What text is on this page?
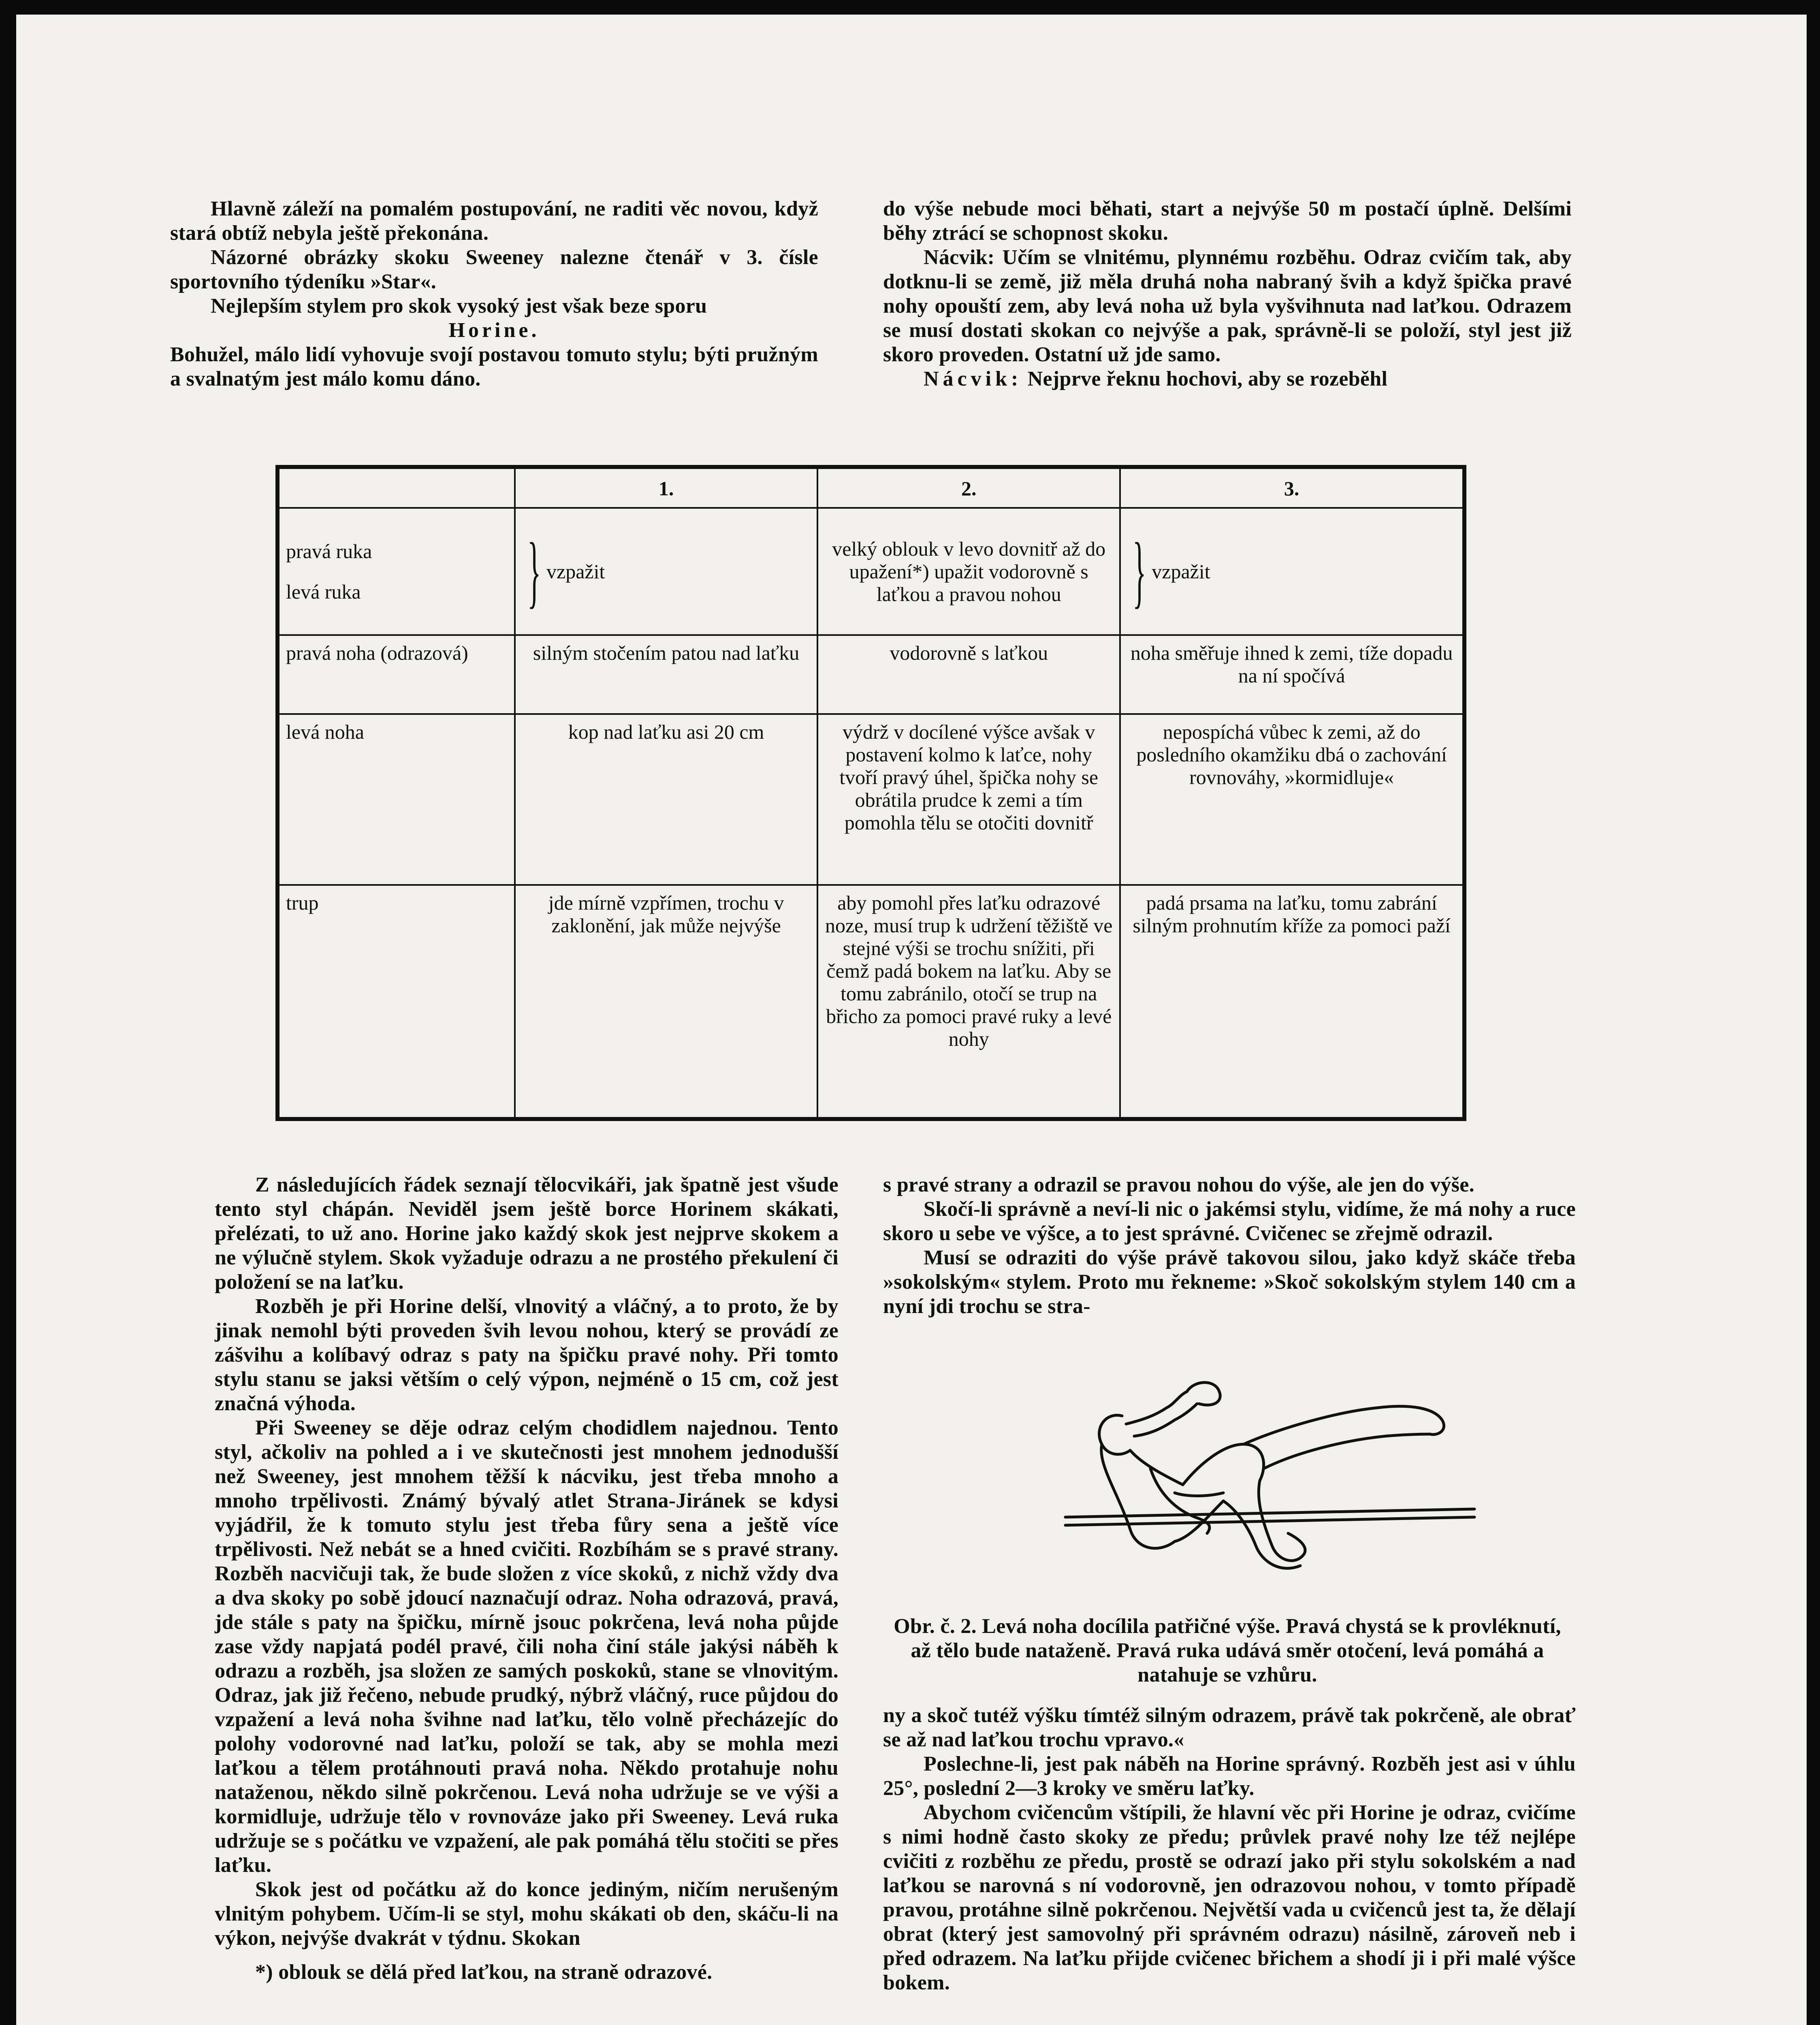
Hlavně záleží na pomalém postupování, ne raditi věc novou, když stará obtíž nebyla ještě překonána.

Názorné obrázky skoku Sweeney nalezne čtenář v 3. čísle sportovního týdeníku »Star«.

Nejlepším stylem pro skok vysoký jest však beze sporu

Horine.

Bohužel, málo lidí vyhovuje svojí postavou tomuto stylu; býti pružným a svalnatým jest málo komu dáno.

do výše nebude moci běhati, start a nejvýše 50 m postačí úplně. Delšími běhy ztrácí se schopnost skoku.

Nácvik: Učím se vlnitému, plynnému rozběhu. Odraz cvičím tak, aby dotknu-li se země, již měla druhá noha nabraný švih a když špička pravé nohy opouští zem, aby levá noha už byla vyšvihnuta nad laťkou. Odrazem se musí dostati skokan co nejvýše a pak, správně-li se položí, styl jest již skoro proveden. Ostatní už jde samo.

Nácvik: Nejprve řeknu hochovi, aby se rozeběhl

	1.	2.	3.

pravá ruka
levá ruka	} vzpažit	velký oblouk v levo dovnitř až do upažení*) upažit vodorovně s laťkou a pravou nohou	} vzpažit

pravá noha (odrazová)	silným stočením patou nad laťku	vodorovně s laťkou	noha směřuje ihned k zemi, tíže dopadu na ní spočívá
levá noha	kop nad laťku asi 20 cm	výdrž v docílené výšce avšak v postavení kolmo k laťce, nohy tvoří pravý úhel, špička nohy se obrátila prudce k zemi a tím pomohla tělu se otočiti dovnitř	nepospíchá vůbec k zemi, až do posledního okamžiku dbá o zachování rovnováhy, »kormidluje«
trup	jde mírně vzpřímen, trochu v zaklonění, jak může nejvýše	aby pomohl přes laťku odrazové noze, musí trup k udržení těžiště ve stejné výši se trochu snížiti, při čemž padá bokem na laťku. Aby se tomu zabránilo, otočí se trup na břicho za pomoci pravé ruky a levé nohy	padá prsama na laťku, tomu zabrání silným prohnutím kříže za pomoci paží

Z následujících řádek seznají tělocvikáři, jak špatně jest všude tento styl chápán. Neviděl jsem ještě borce Horinem skákati, přelézati, to už ano. Horine jako každý skok jest nejprve skokem a ne výlučně stylem. Skok vyžaduje odrazu a ne prostého překulení či položení se na laťku.

Rozběh je při Horine delší, vlnovitý a vláčný, a to proto, že by jinak nemohl býti proveden švih levou nohou, který se provádí ze zášvihu a kolíbavý odraz s paty na špičku pravé nohy. Při tomto stylu stanu se jaksi větším o celý výpon, nejméně o 15 cm, což jest značná výhoda.

Při Sweeney se děje odraz celým chodidlem najednou. Tento styl, ačkoliv na pohled a i ve skutečnosti jest mnohem jednodušší než Sweeney, jest mnohem těžší k nácviku, jest třeba mnoho a mnoho trpělivosti. Známý bývalý atlet Strana-Jiránek se kdysi vyjádřil, že k tomuto stylu jest třeba fůry sena a ještě více trpělivosti. Než nebát se a hned cvičiti. Rozbíhám se s pravé strany. Rozběh nacvičuji tak, že bude složen z více skoků, z nichž vždy dva a dva skoky po sobě jdoucí naznačují odraz. Noha odrazová, pravá, jde stále s paty na špičku, mírně jsouc pokrčena, levá noha půjde zase vždy napjatá podél pravé, čili noha činí stále jakýsi náběh k odrazu a rozběh, jsa složen ze samých poskoků, stane se vlnovitým. Odraz, jak již řečeno, nebude prudký, nýbrž vláčný, ruce půjdou do vzpažení a levá noha švihne nad laťku, tělo volně přecházejíc do polohy vodorovné nad laťku, položí se tak, aby se mohla mezi laťkou a tělem protáhnouti pravá noha. Někdo protahuje nohu nataženou, někdo silně pokrčenou. Levá noha udržuje se ve výši a kormidluje, udržuje tělo v rovnováze jako při Sweeney. Levá ruka udržuje se s počátku ve vzpažení, ale pak pomáhá tělu stočiti se přes laťku.

Skok jest od počátku až do konce jediným, ničím nerušeným vlnitým pohybem. Učím-li se styl, mohu skákati ob den, skáču-li na výkon, nejvýše dvakrát v týdnu. Skokan

*) oblouk se dělá před laťkou, na straně odrazové.

s pravé strany a odrazil se pravou nohou do výše, ale jen do výše.

Skočí-li správně a neví-li nic o jakémsi stylu, vidíme, že má nohy a ruce skoro u sebe ve výšce, a to jest správné. Cvičenec se zřejmě odrazil.

Musí se odraziti do výše právě takovou silou, jako když skáče třeba »sokolským« stylem. Proto mu řekneme: »Skoč sokolským stylem 140 cm a nyní jdi trochu se stra-

Obr. č. 2. Levá noha docílila patřičné výše. Pravá chystá se k provléknutí, až tělo bude nataženě. Pravá ruka udává směr otočení, levá pomáhá a natahuje se vzhůru.

ny a skoč tutéž výšku tímtéž silným odrazem, právě tak pokrčeně, ale obrať se až nad laťkou trochu vpravo.«

Poslechne-li, jest pak náběh na Horine správný. Rozběh jest asi v úhlu 25°, poslední 2—3 kroky ve směru laťky.

Abychom cvičencům vštípili, že hlavní věc při Horine je odraz, cvičíme s nimi hodně často skoky ze předu; průvlek pravé nohy lze též nejlépe cvičiti z rozběhu ze předu, prostě se odrazí jako při stylu sokolském a nad laťkou se narovná s ní vodorovně, jen odrazovou nohou, v tomto případě pravou, protáhne silně pokrčenou. Největší vada u cvičenců jest ta, že dělají obrat (který jest samovolný při správném odrazu) násilně, zároveň neb i před odrazem. Na laťku přijde cvičenec břichem a shodí ji i při malé výšce bokem.
